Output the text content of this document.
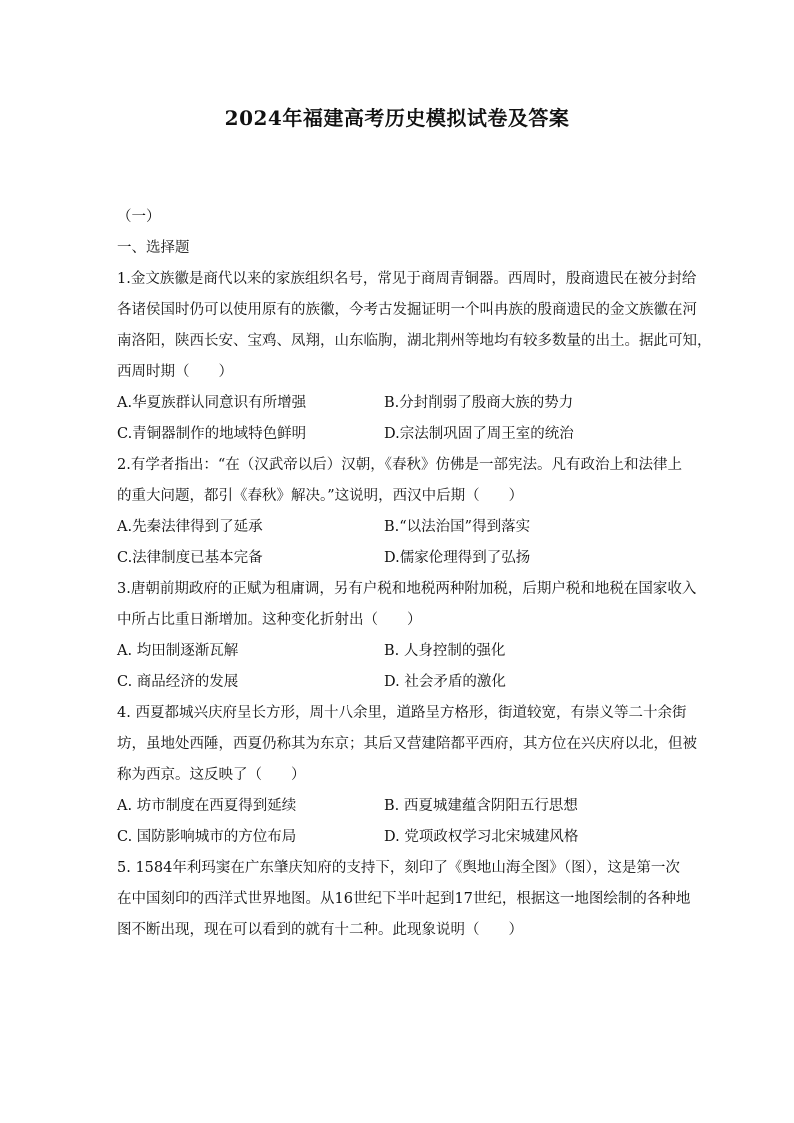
2024年福建高考历史模拟试卷及答案
（一）
一、选择题
1.金文族徽是商代以来的家族组织名号，常见于商周青铜器。西周时，殷商遗民在被分封给
各诸侯国时仍可以使用原有的族徽，今考古发掘证明一个叫冉族的殷商遗民的金文族徽在河
南洛阳，陕西长安、宝鸡、凤翔，山东临朐，湖北荆州等地均有较多数量的出土。据此可知，
西周时期（　　）
A.华夏族群认同意识有所增强	B.分封削弱了殷商大族的势力
C.青铜器制作的地域特色鲜明	D.宗法制巩固了周王室的统治
2.有学者指出：“在（汉武帝以后）汉朝，《春秋》仿佛是一部宪法。凡有政治上和法律上
的重大问题，都引《春秋》解决。”这说明，西汉中后期（　　）
A.先秦法律得到了延承	B.“以法治国”得到落实
C.法律制度已基本完备	D.儒家伦理得到了弘扬
3.唐朝前期政府的正赋为租庸调，另有户税和地税两种附加税，后期户税和地税在国家收入
中所占比重日渐增加。这种变化折射出（　　）
A. 均田制逐渐瓦解	B. 人身控制的强化
C. 商品经济的发展	D. 社会矛盾的激化
4. 西夏都城兴庆府呈长方形，周十八余里，道路呈方格形，街道较宽，有崇义等二十余街
坊，虽地处西陲，西夏仍称其为东京；其后又营建陪都平西府，其方位在兴庆府以北，但被
称为西京。这反映了（　　）
A. 坊市制度在西夏得到延续	B. 西夏城建蕴含阴阳五行思想
C. 国防影响城市的方位布局	D. 党项政权学习北宋城建风格
5. 1584年利玛窦在广东肇庆知府的支持下，刻印了《舆地山海全图》（图），这是第一次
在中国刻印的西洋式世界地图。从16世纪下半叶起到17世纪，根据这一地图绘制的各种地
图不断出现，现在可以看到的就有十二种。此现象说明（　　）
